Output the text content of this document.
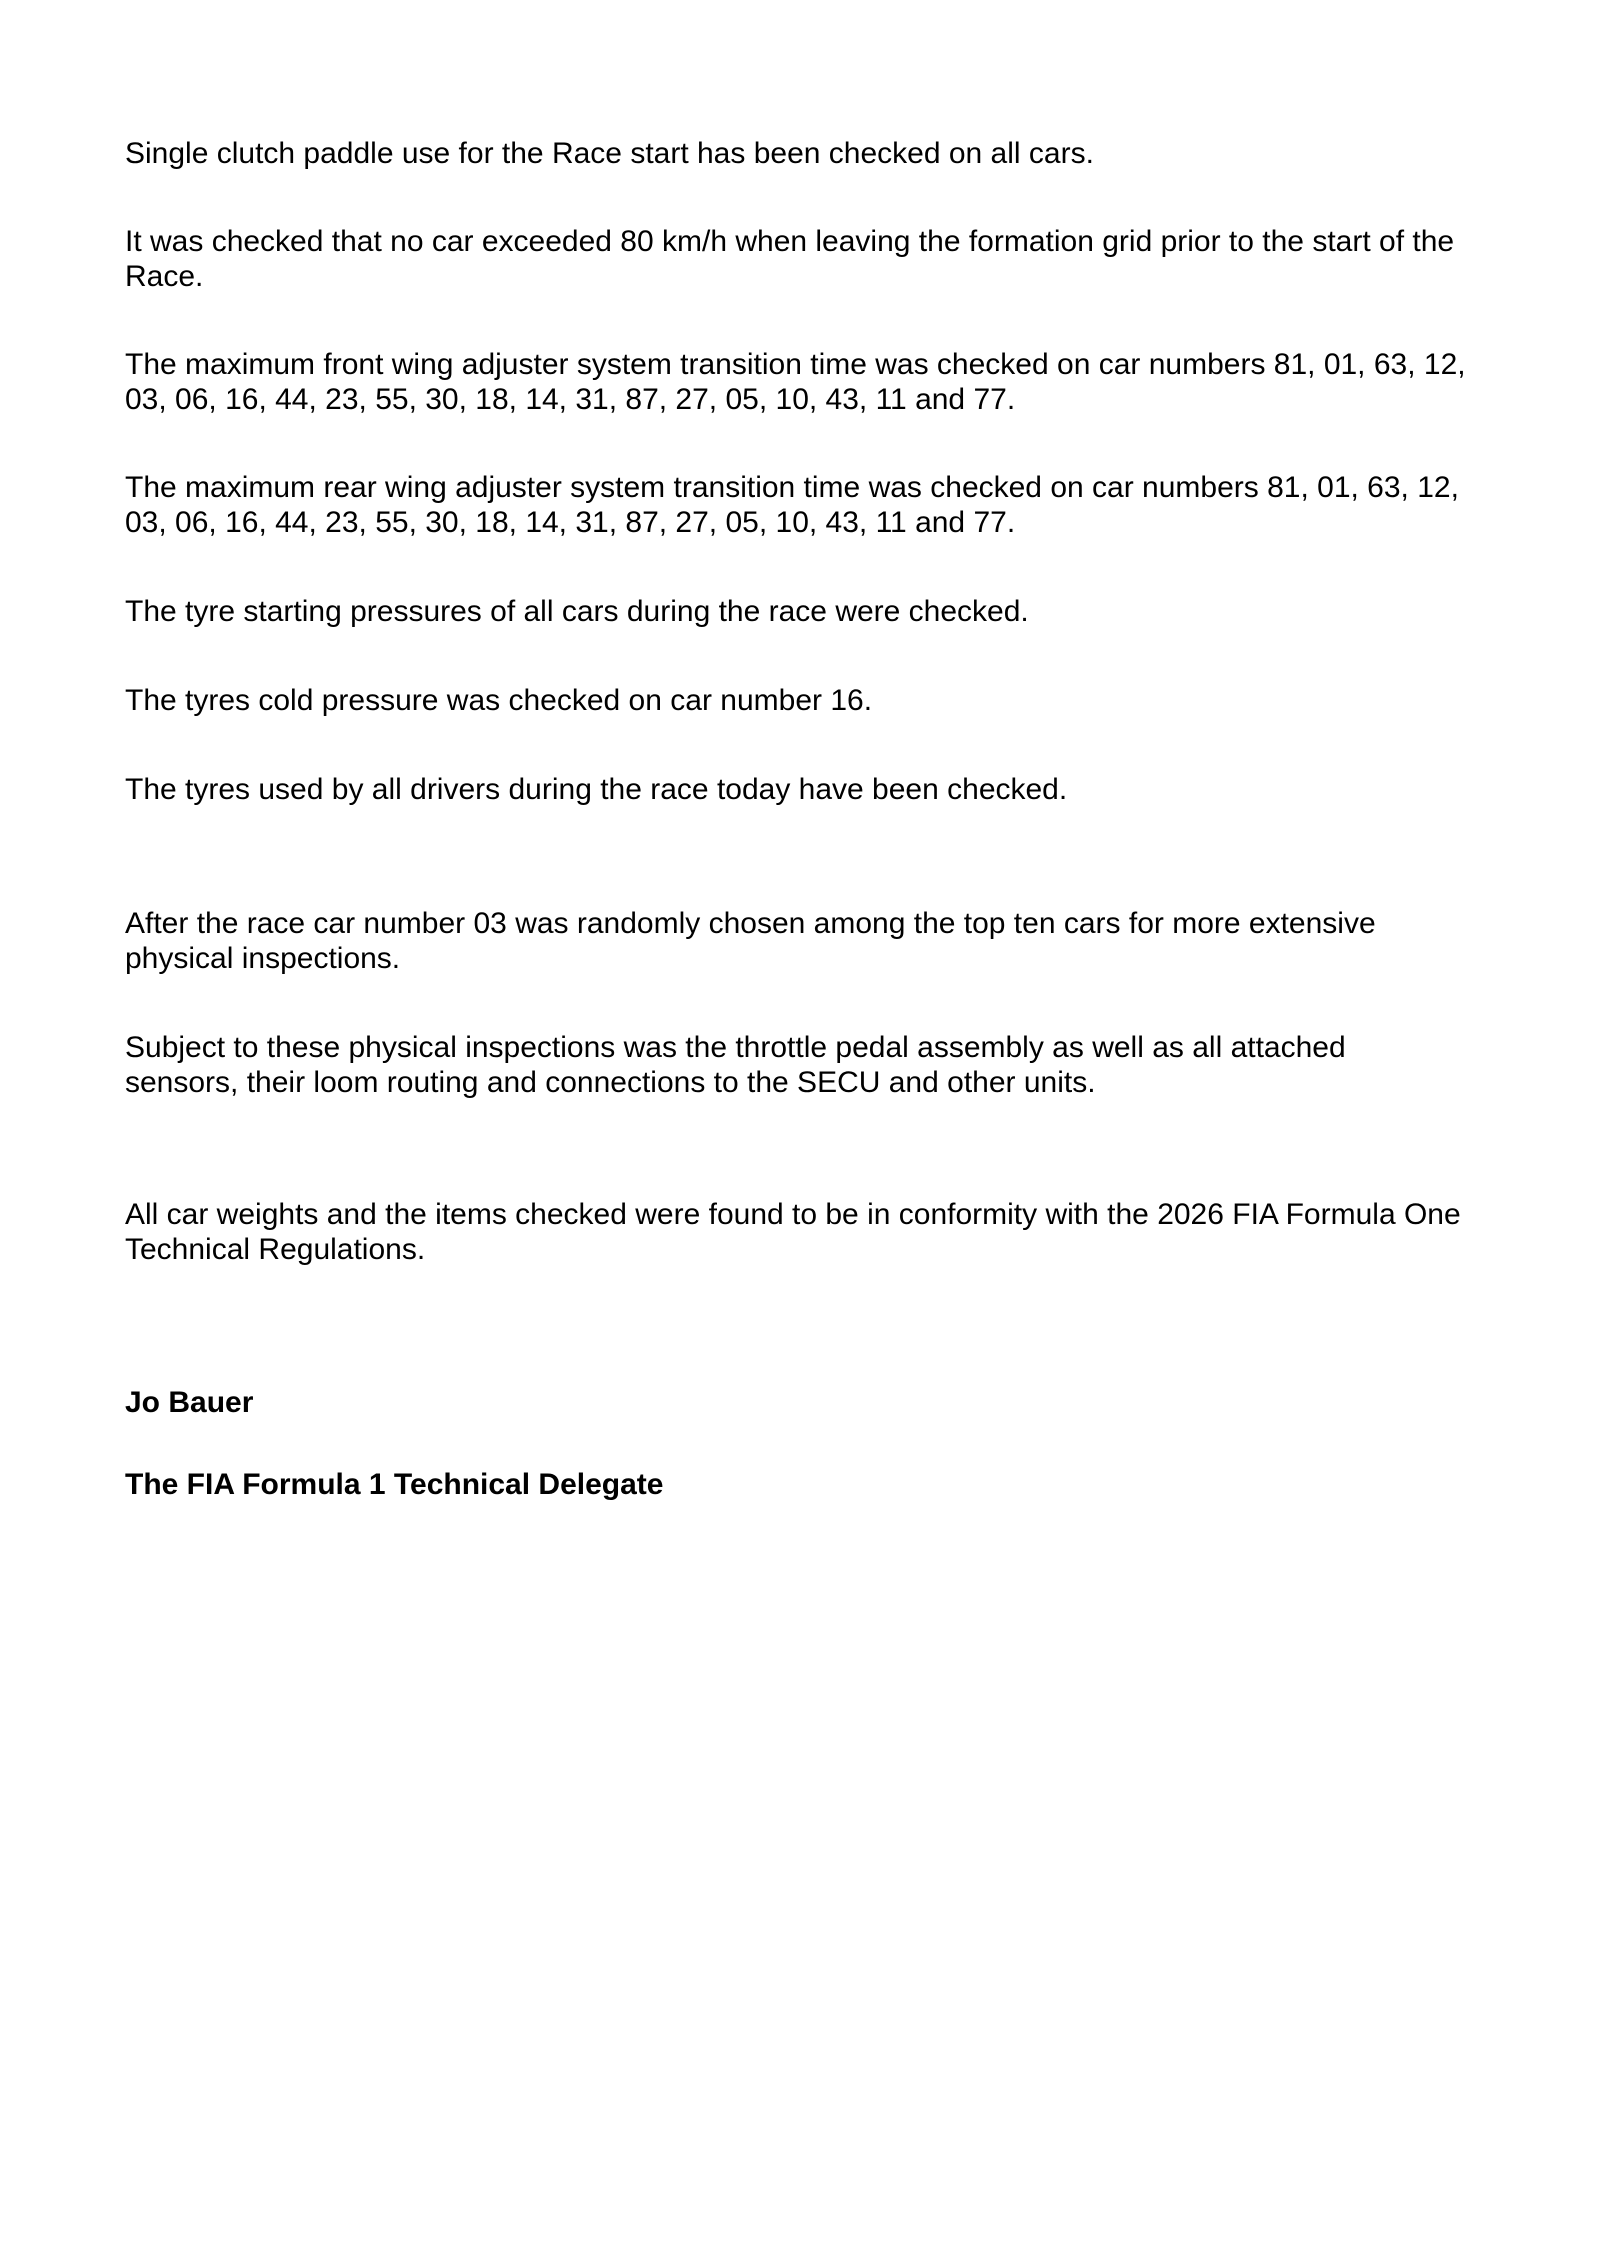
Single clutch paddle use for the Race start has been checked on all cars.

It was checked that no car exceeded 80 km/h when leaving the formation grid prior to the start of the
Race.

The maximum front wing adjuster system transition time was checked on car numbers 81, 01, 63, 12,
03, 06, 16, 44, 23, 55, 30, 18, 14, 31, 87, 27, 05, 10, 43, 11 and 77.

The maximum rear wing adjuster system transition time was checked on car numbers 81, 01, 63, 12,
03, 06, 16, 44, 23, 55, 30, 18, 14, 31, 87, 27, 05, 10, 43, 11 and 77.

The tyre starting pressures of all cars during the race were checked.

The tyres cold pressure was checked on car number 16.

The tyres used by all drivers during the race today have been checked.

After the race car number 03 was randomly chosen among the top ten cars for more extensive
physical inspections.

Subject to these physical inspections was the throttle pedal assembly as well as all attached
sensors, their loom routing and connections to the SECU and other units.

All car weights and the items checked were found to be in conformity with the 2026 FIA Formula One
Technical Regulations.

Jo Bauer

The FIA Formula 1 Technical Delegate
